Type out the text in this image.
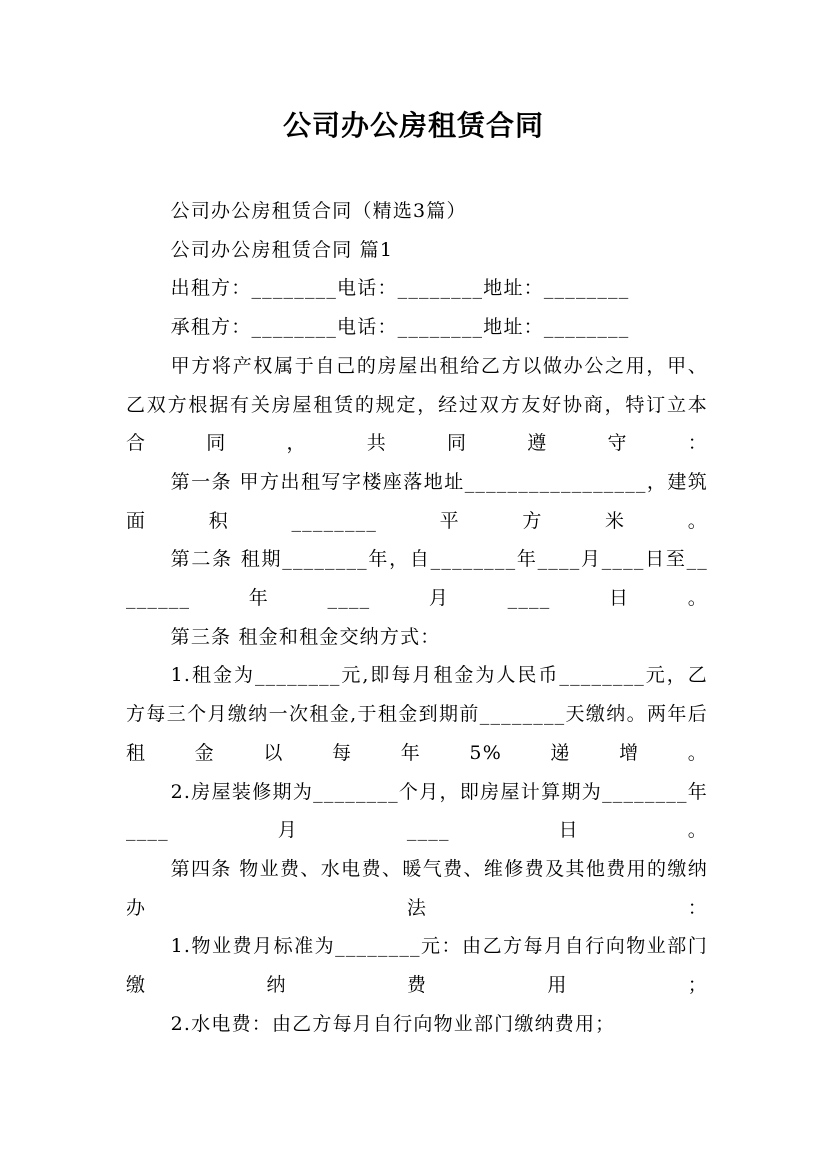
公司办公房租赁合同

公司办公房租赁合同（精选3篇）

公司办公房租赁合同 篇1

出租方：________电话：________地址：________

承租方：________电话：________地址：________

甲方将产权属于自己的房屋出租给乙方以做办公之用，甲、乙双方根据有关房屋租赁的规定，经过双方友好协商，特订立本合同，共同遵守：

第一条 甲方出租写字楼座落地址_________________，建筑面积________平方米。

第二条 租期________年，自________年____月____日至________年____月____日。

第三条 租金和租金交纳方式：

1.租金为________元,即每月租金为人民币________元，乙方每三个月缴纳一次租金,于租金到期前________天缴纳。两年后租金以每年5%递增。

2.房屋装修期为________个月，即房屋计算期为________年____月____日。

第四条 物业费、水电费、暖气费、维修费及其他费用的缴纳办法：

1.物业费月标准为________元：由乙方每月自行向物业部门缴纳费用；

2.水电费：由乙方每月自行向物业部门缴纳费用；
